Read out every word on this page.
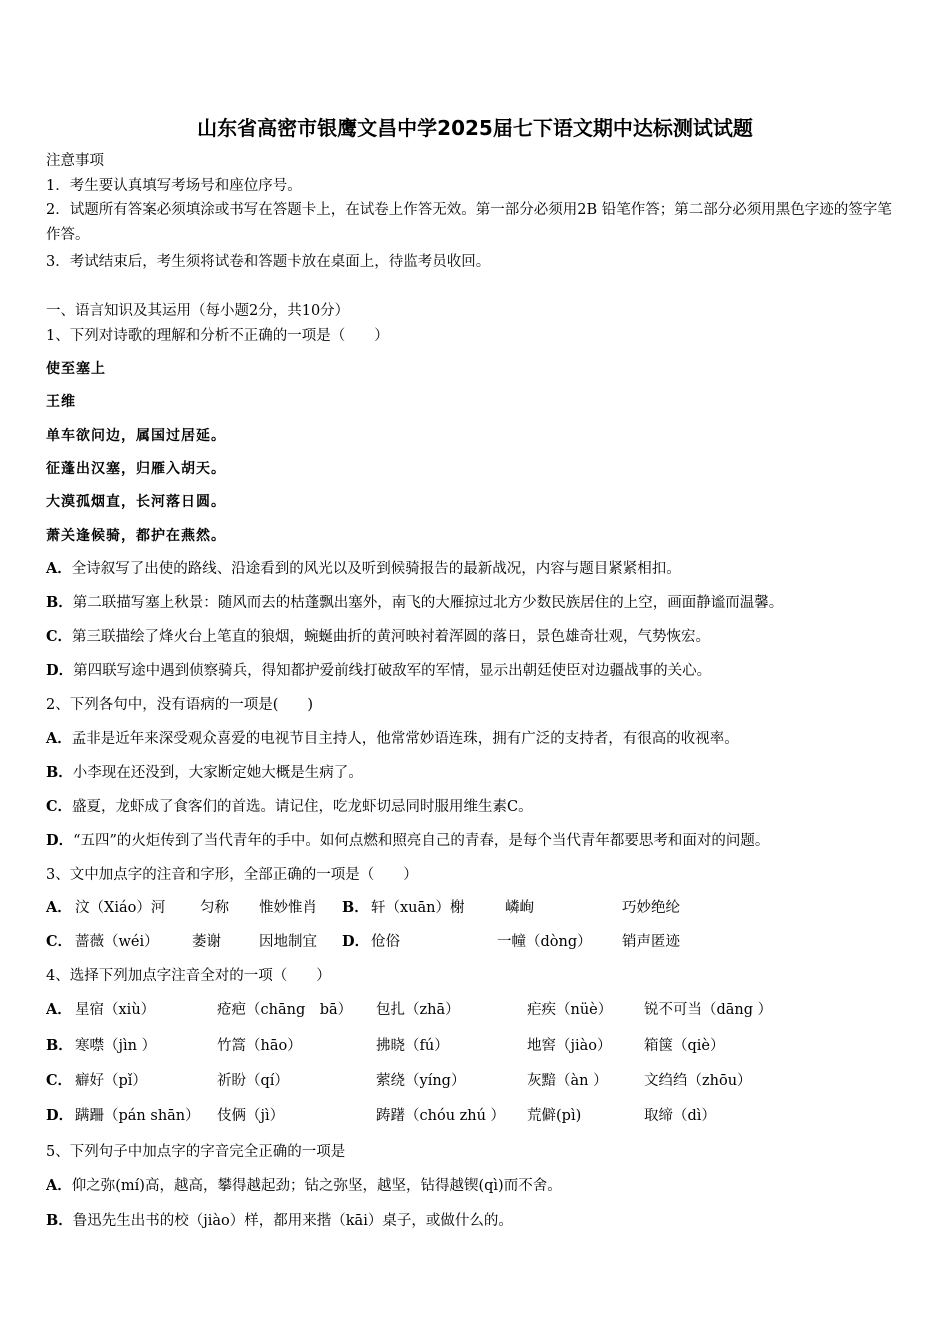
山东省高密市银鹰文昌中学2025届七下语文期中达标测试试题
注意事项
1．考生要认真填写考场号和座位序号。
2．试题所有答案必须填涂或书写在答题卡上，在试卷上作答无效。第一部分必须用2B 铅笔作答；第二部分必须用黑色字迹的签字笔作答。
3．考试结束后，考生须将试卷和答题卡放在桌面上，待监考员收回。
一、语言知识及其运用（每小题2分，共10分）
1、下列对诗歌的理解和分析不正确的一项是（　　）
使至塞上
王维
单车欲问边，属国过居延。
征蓬出汉塞，归雁入胡天。
大漠孤烟直，长河落日圆。
萧关逢候骑，都护在燕然。
A．全诗叙写了出使的路线、沿途看到的风光以及听到候骑报告的最新战况，内容与题目紧紧相扣。
B．第二联描写塞上秋景：随风而去的枯蓬飘出塞外，南飞的大雁掠过北方少数民族居住的上空，画面静谧而温馨。
C．第三联描绘了烽火台上笔直的狼烟，蜿蜒曲折的黄河映衬着浑圆的落日，景色雄奇壮观，气势恢宏。
D．第四联写途中遇到侦察骑兵，得知都护爱前线打破敌军的军情，显示出朝廷使臣对边疆战事的关心。
2、下列各句中，没有语病的一项是(　　)
A．孟非是近年来深受观众喜爱的电视节目主持人，他常常妙语连珠，拥有广泛的支持者，有很高的收视率。
B．小李现在还没到，大家断定她大概是生病了。
C．盛夏，龙虾成了食客们的首选。请记住，吃龙虾切忌同时服用维生素C。
D．“五四”的火炬传到了当代青年的手中。如何点燃和照亮自己的青春，是每个当代青年都要思考和面对的问题。
3、文中加点字的注音和字形，全部正确的一项是（　　）
A． 汶（Xiáo）河 匀称 惟妙惟肖 B． 轩（xuān）榭	嶙峋	巧妙绝纶
C． 蔷薇（wéi） 萎谢	因地制宜 D． 伧俗	一幢（dòng） 销声匿迹
4、选择下列加点字注音全对的一项（　　）
A． 星宿（xiù）	疮疤（chāng　bā） 包扎（zhā）	疟疾（nüè） 锐不可当（dāng ）
B． 寒噤（jìn ）	竹篙（hāo）	拂晓（fú）	地窖（jiào） 箱箧（qiè）
C． 癖好（pǐ）	祈盼（qí）	萦绕（yíng）	灰黯（àn ）	文绉绉（zhōu）
D． 蹒跚（pán shān） 伎俩（jì）	踌躇（chóu zhú ） 荒僻(pì)	取缔（dì）
5、下列句子中加点字的字音完全正确的一项是
A．仰之弥(mí)高，越高，攀得越起劲；钻之弥坚，越坚，钻得越锲(qì)而不舍。
B．鲁迅先生出书的校（jiào）样，都用来揩（kāi）桌子，或做什么的。
